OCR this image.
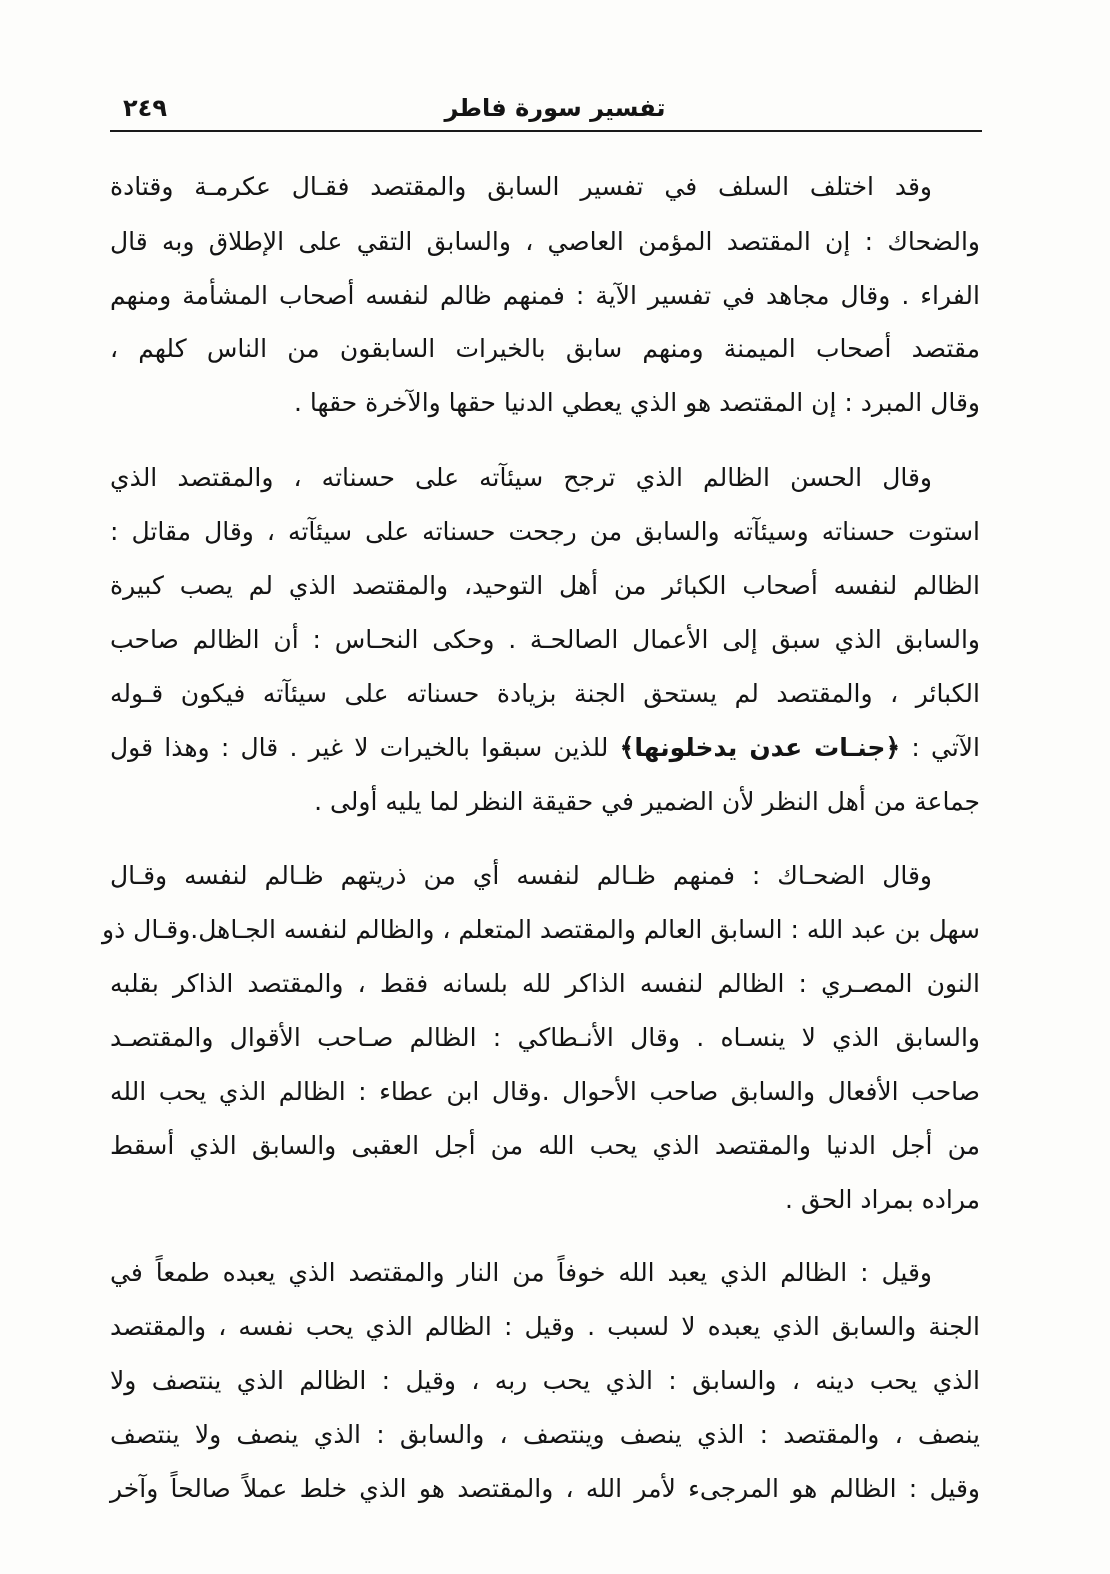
تفسير سورة فاطر
٢٤٩
وقد اختلف السلف في تفسير السابق والمقتصد فقـال عكرمـة وقتادة
والضحاك : إن المقتصد المؤمن العاصي ، والسابق التقي على الإطلاق وبه قال
الفراء . وقال مجاهد في تفسير الآية : فمنهم ظالم لنفسه أصحاب المشأمة ومنهم
مقتصد أصحاب الميمنة ومنهم سابق بالخيرات السابقون من الناس كلهم ،
وقال المبرد : إن المقتصد هو الذي يعطي الدنيا حقها والآخرة حقها .
وقال الحسن الظالم الذي ترجح سيئآته على حسناته ، والمقتصد الذي
استوت حسناته وسيئآته والسابق من رجحت حسناته على سيئآته ، وقال مقاتل :
الظالم لنفسه أصحاب الكبائر من أهل التوحيد، والمقتصد الذي لم يصب كبيرة
والسابق الذي سبق إلى الأعمال الصالحـة . وحكى النحـاس : أن الظالم صاحب
الكبائر ، والمقتصد لم يستحق الجنة بزيادة حسناته على سيئآته فيكون قـوله
الآتي : ﴿جنـات عدن يدخلونها﴾ للذين سبقوا بالخيرات لا غير . قال : وهذا قول
جماعة من أهل النظر لأن الضمير في حقيقة النظر لما يليه أولى .
وقال الضحـاك : فمنهم ظـالم لنفسه أي من ذريتهم ظـالم لنفسه وقـال
سهل بن عبد الله : السابق العالم والمقتصد المتعلم ، والظالم لنفسه الجـاهل.وقـال ذو
النون المصـري : الظالم لنفسه الذاكر لله بلسانه فقط ، والمقتصد الذاكر بقلبه
والسابق الذي لا ينسـاه . وقال الأنـطاكي : الظالم صـاحب الأقوال والمقتصـد
صاحب الأفعال والسابق صاحب الأحوال .وقال ابن عطاء : الظالم الذي يحب الله
من أجل الدنيا والمقتصد الذي يحب الله من أجل العقبى والسابق الذي أسقط
مراده بمراد الحق .
وقيل : الظالم الذي يعبد الله خوفاً من النار والمقتصد الذي يعبده طمعاً في
الجنة والسابق الذي يعبده لا لسبب . وقيل : الظالم الذي يحب نفسه ، والمقتصد
الذي يحب دينه ، والسابق : الذي يحب ربه ، وقيل : الظالم الذي ينتصف ولا
ينصف ، والمقتصد : الذي ينصف وينتصف ، والسابق : الذي ينصف ولا ينتصف
وقيل : الظالم هو المرجىء لأمر الله ، والمقتصد هو الذي خلط عملاً صالحاً وآخر
